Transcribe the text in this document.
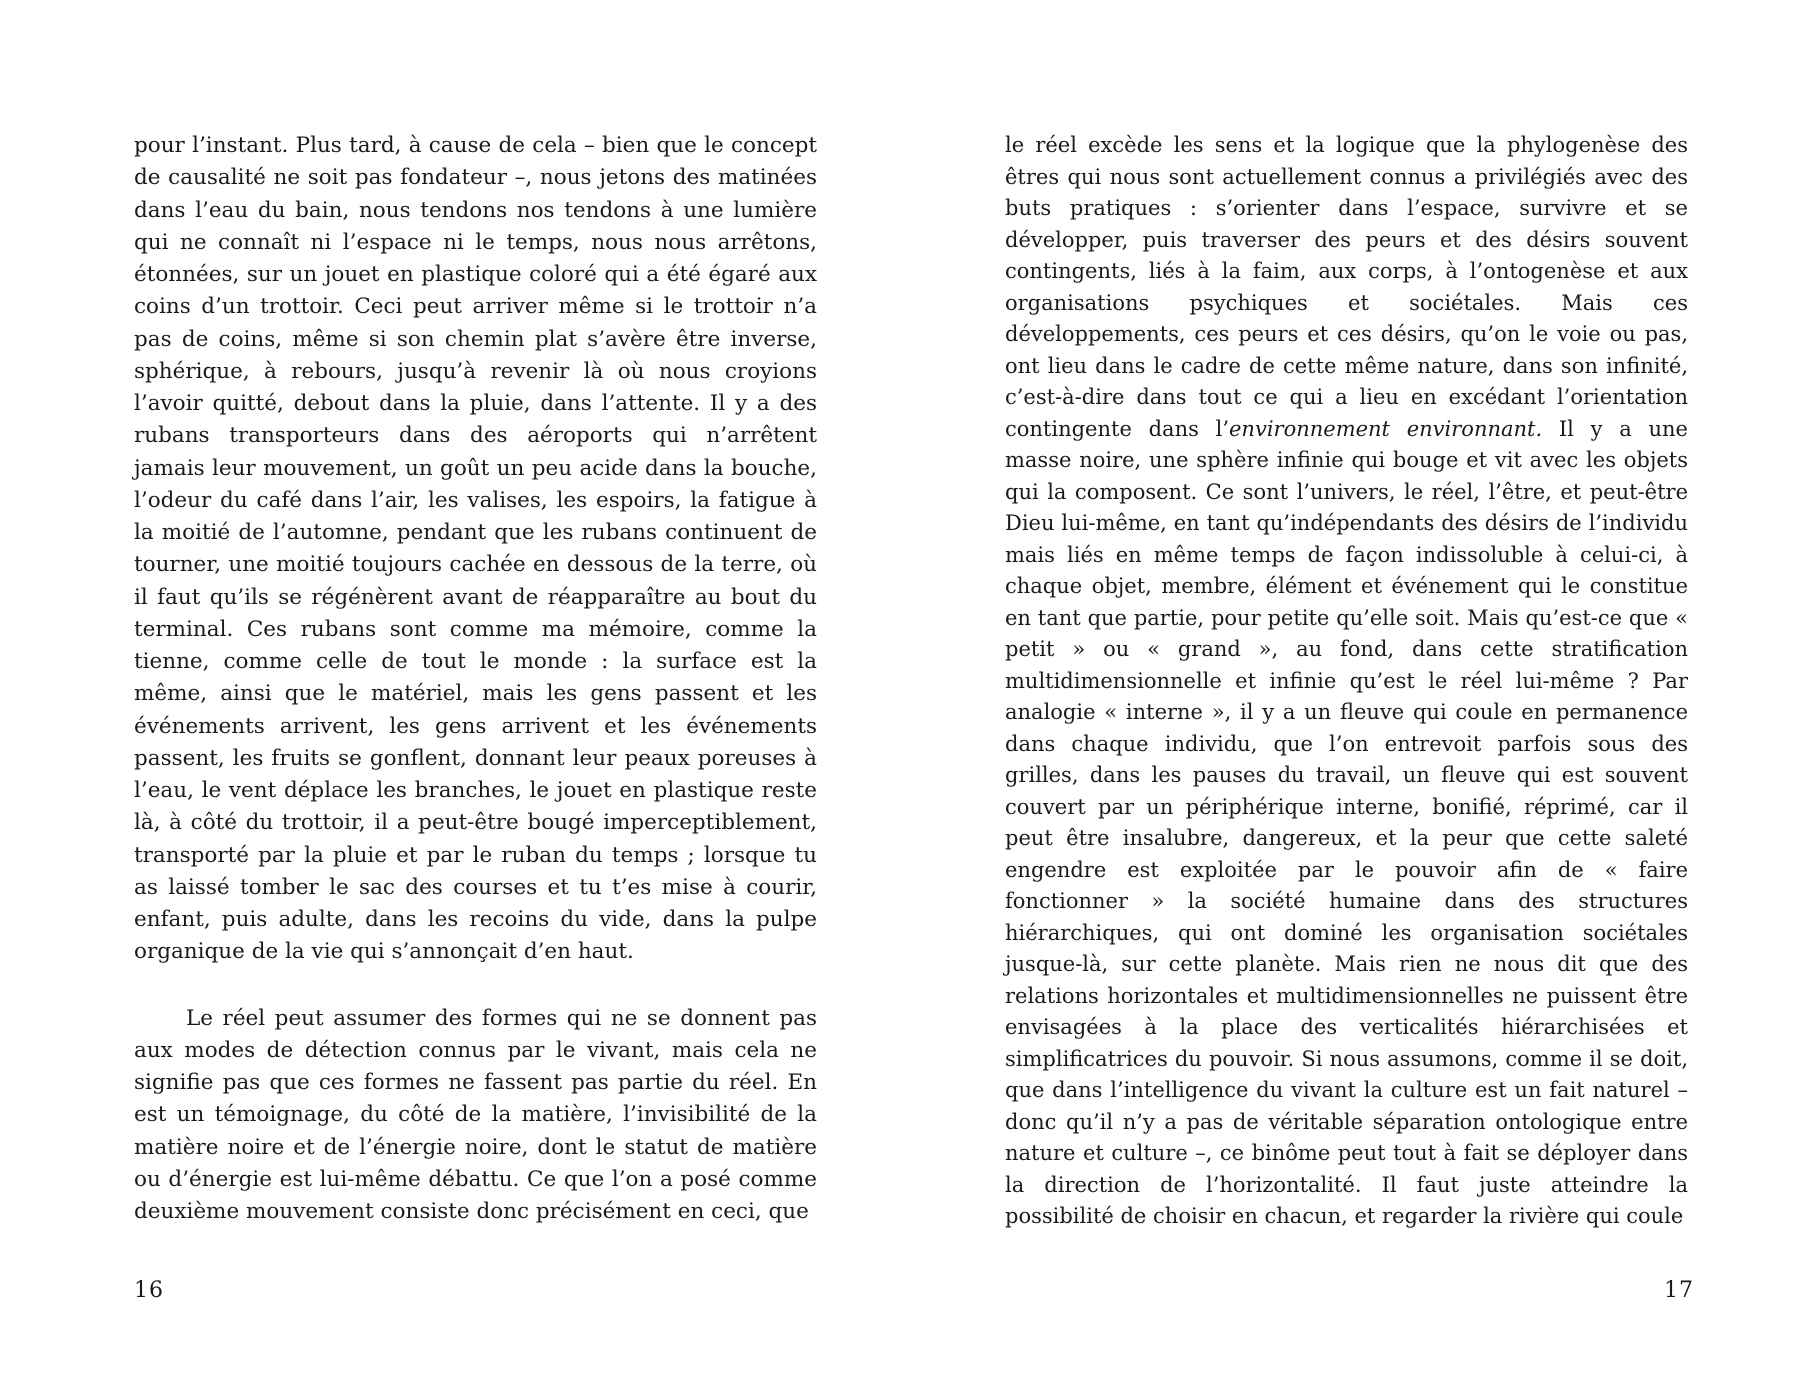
pour l’instant. Plus tard, à cause de cela – bien que le concept de causalité ne soit pas fondateur –, nous jetons des matinées dans l’eau du bain, nous tendons nos tendons à une lumière qui ne connaît ni l’espace ni le temps, nous nous arrêtons, étonnées, sur un jouet en plastique coloré qui a été égaré aux coins d’un trottoir. Ceci peut arriver même si le trottoir n’a pas de coins, même si son chemin plat s’avère être inverse, sphérique, à rebours, jusqu’à revenir là où nous croyions l’avoir quitté, debout dans la pluie, dans l’attente. Il y a des rubans transporteurs dans des aéroports qui n’arrêtent jamais leur mouvement, un goût un peu acide dans la bouche, l’odeur du café dans l’air, les valises, les espoirs, la fatigue à la moitié de l’automne, pendant que les rubans continuent de tourner, une moitié toujours cachée en dessous de la terre, où il faut qu’ils se régénèrent avant de réapparaître au bout du terminal. Ces rubans sont comme ma mémoire, comme la tienne, comme celle de tout le monde : la surface est la même, ainsi que le matériel, mais les gens passent et les événements arrivent, les gens arrivent et les événements passent, les fruits se gonflent, donnant leur peaux poreuses à l’eau, le vent déplace les branches, le jouet en plastique reste là, à côté du trottoir, il a peut-être bougé imperceptiblement, transporté par la pluie et par le ruban du temps ; lorsque tu as laissé tomber le sac des courses et tu t’es mise à courir, enfant, puis adulte, dans les recoins du vide, dans la pulpe organique de la vie qui s’annonçait d’en haut.

Le réel peut assumer des formes qui ne se donnent pas aux modes de détection connus par le vivant, mais cela ne signifie pas que ces formes ne fassent pas partie du réel. En est un témoignage, du côté de la matière, l’invisibilité de la matière noire et de l’énergie noire, dont le statut de matière ou d’énergie est lui-même débattu. Ce que l’on a posé comme deuxième mouvement consiste donc précisément en ceci, que

16

le réel excède les sens et la logique que la phylogenèse des êtres qui nous sont actuellement connus a privilégiés avec des buts pratiques : s’orienter dans l’espace, survivre et se développer, puis traverser des peurs et des désirs souvent contingents, liés à la faim, aux corps, à l’ontogenèse et aux organisations psychiques et sociétales. Mais ces développements, ces peurs et ces désirs, qu’on le voie ou pas, ont lieu dans le cadre de cette même nature, dans son infinité, c’est-à-dire dans tout ce qui a lieu en excédant l’orientation contingente dans l’environnement environnant. Il y a une masse noire, une sphère infinie qui bouge et vit avec les objets qui la composent. Ce sont l’univers, le réel, l’être, et peut-être Dieu lui-même, en tant qu’indépendants des désirs de l’individu mais liés en même temps de façon indissoluble à celui-ci, à chaque objet, membre, élément et événement qui le constitue en tant que partie, pour petite qu’elle soit. Mais qu’est-ce que « petit » ou « grand », au fond, dans cette stratification multidimensionnelle et infinie qu’est le réel lui-même ? Par analogie « interne », il y a un fleuve qui coule en permanence dans chaque individu, que l’on entrevoit parfois sous des grilles, dans les pauses du travail, un fleuve qui est souvent couvert par un périphérique interne, bonifié, réprimé, car il peut être insalubre, dangereux, et la peur que cette saleté engendre est exploitée par le pouvoir afin de « faire fonctionner » la société humaine dans des structures hiérarchiques, qui ont dominé les organisation sociétales jusque-là, sur cette planète. Mais rien ne nous dit que des relations horizontales et multidimensionnelles ne puissent être envisagées à la place des verticalités hiérarchisées et simplificatrices du pouvoir. Si nous assumons, comme il se doit, que dans l’intelligence du vivant la culture est un fait naturel – donc qu’il n’y a pas de véritable séparation ontologique entre nature et culture –, ce binôme peut tout à fait se déployer dans la direction de l’horizontalité. Il faut juste atteindre la possibilité de choisir en chacun, et regarder la rivière qui coule

17
